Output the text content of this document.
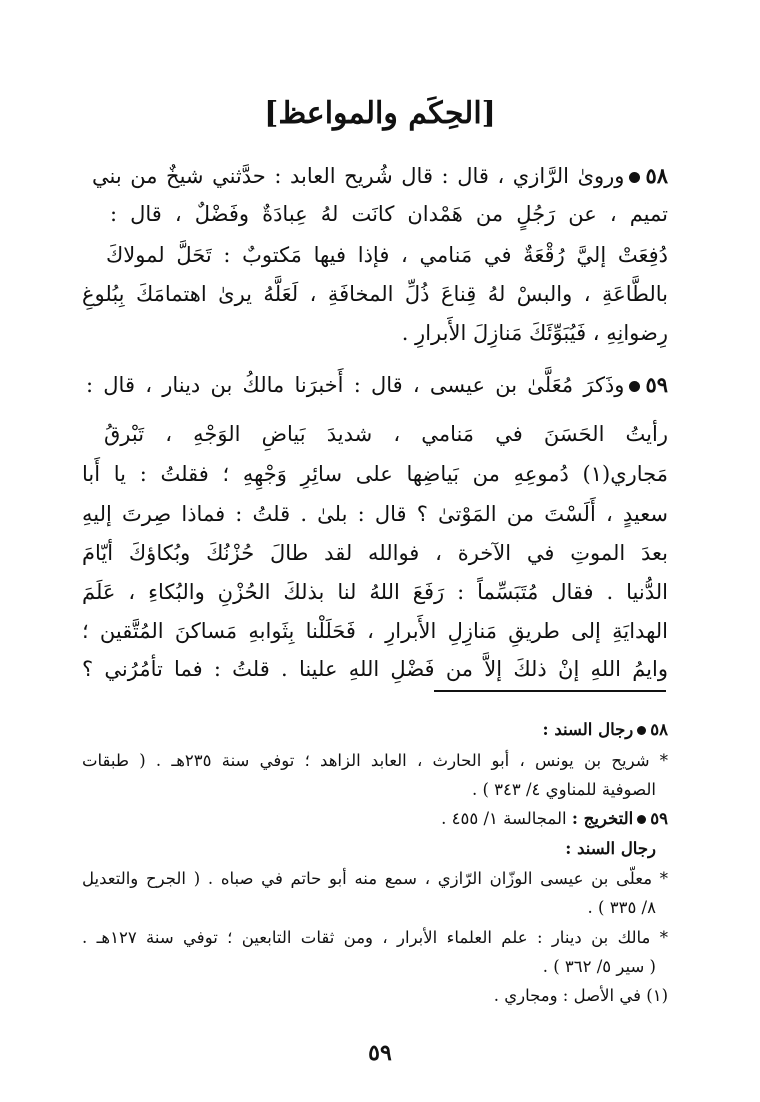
[الحِكَم والمواعظ]
٥٨وروىٰ الرَّازي ، قال : قال شُريح العابد : حدَّثني شيخٌ من بني
تميم ، عن رَجُلٍ من هَمْدان كانَت لهُ عِبادَةٌ وفَضْلٌ ، قال :
دُفِعَتْ إليَّ رُقْعَةٌ في مَنامي ، فإذا فيها مَكتوبٌ : تَحَلَّ لمولاكَ
بالطَّاعَةِ ، والبسْ لهُ قِناعَ ذُلِّ المخافَةِ ، لَعَلَّهُ يرىٰ اهتمامَكَ بِبُلوغِ
رِضوانِهِ ، فَيُبَوِّئَكَ مَنازِلَ الأَبرارِ .
٥٩وذَكرَ مُعَلَّىٰ بن عيسى ، قال : أَخبرَنا مالكُ بن دينار ، قال :
رأيتُ الحَسَنَ في مَنامي ، شديدَ بَياضِ الوَجْهِ ، تَبْرقُ
مَجاري(١) دُموعِهِ من بَياضِها على سائِرِ وَجْهِهِ ؛ فقلتُ : يا أَبا
سعيدٍ ، أَلَسْتَ من المَوْتىٰ ؟ قال : بلىٰ . قلتُ : فماذا صِرتَ إليهِ
بعدَ الموتِ في الآخرة ، فوالله لقد طالَ حُزْنُكَ وبُكاؤكَ أيّامَ
الدُّنيا . فقال مُتَبَسِّماً : رَفَعَ اللهُ لنا بذلكَ الحُزْنِ والبُكاءِ ، عَلَمَ
الهدايَةِ إلى طريقِ مَنازِلِ الأَبرارِ ، فَحَلَلْنا بِثَوابهِ مَساكنَ المُتَّقين ؛
وايمُ اللهِ إنْ ذلكَ إلاَّ من فَضْلِ اللهِ علينا . قلتُ : فما تأمُرُني ؟
٥٨رجال السند :
* شريح بن يونس ، أبو الحارث ، العابد الزاهد ؛ توفي سنة ٢٣٥هـ . ( طبقات
الصوفية للمناوي ٤/ ٣٤٣ ) .
٥٩التخريج : المجالسة ١/ ٤٥٥ .
رجال السند :
* معلّى بن عيسى الوزّان الرّازي ، سمع منه أبو حاتم في صباه . ( الجرح والتعديل
٨/ ٣٣٥ ) .
* مالك بن دينار : علم العلماء الأبرار ، ومن ثقات التابعين ؛ توفي سنة ١٢٧هـ .
( سير ٥/ ٣٦٢ ) .
(١) في الأصل : ومجاري .
٥٩
